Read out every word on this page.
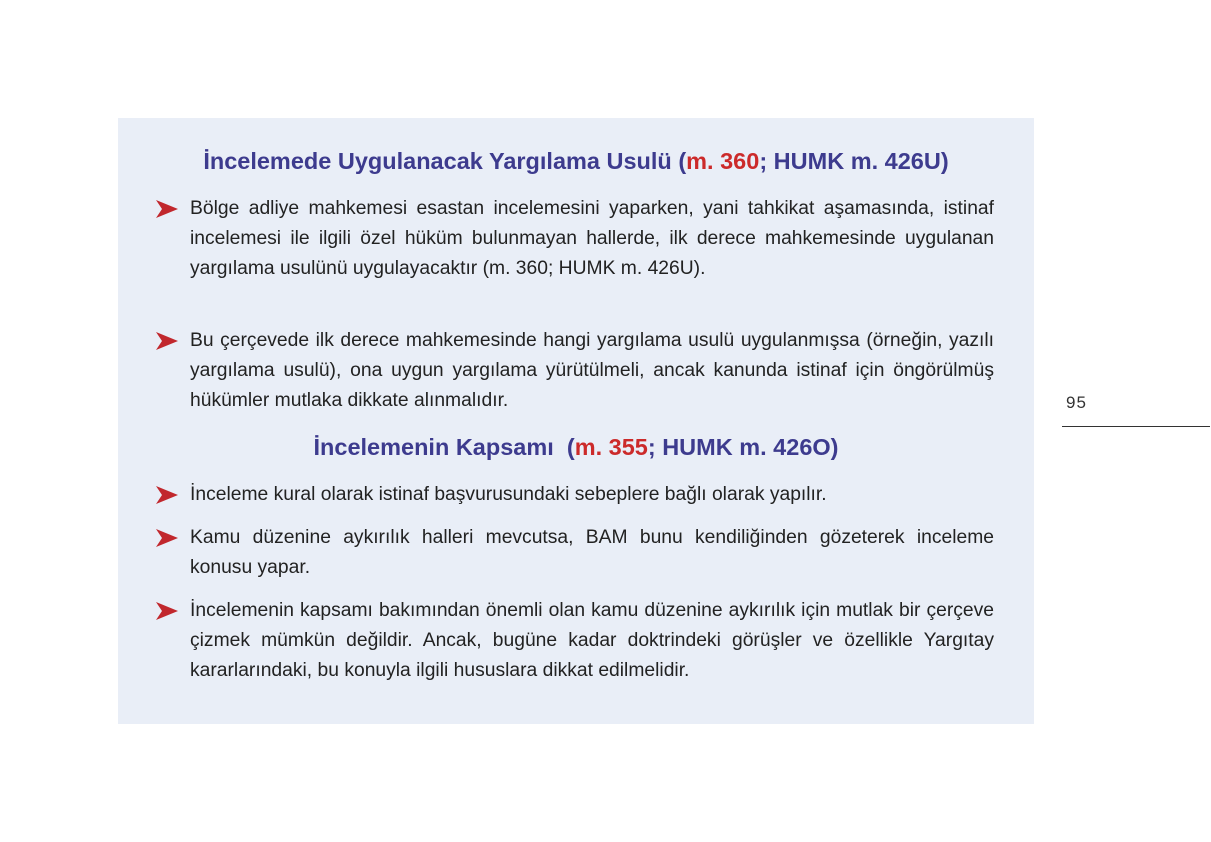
İncelemede Uygulanacak Yargılama Usulü (m. 360; HUMK m. 426U)
Bölge adliye mahkemesi esastan incelemesini yaparken, yani tahkikat aşamasında, istinaf incelemesi ile ilgili özel hüküm bulunmayan hallerde, ilk derece mahkemesinde uygulanan yargılama usulünü uygulayacaktır (m. 360; HUMK m. 426U).
Bu çerçevede ilk derece mahkemesinde hangi yargılama usulü uygulanmışsa (örneğin, yazılı yargılama usulü), ona uygun yargılama yürütülmeli, ancak kanunda istinaf için öngörülmüş hükümler mutlaka dikkate alınmalıdır.
İncelemenin Kapsamı  (m. 355; HUMK m. 426O)
İnceleme kural olarak istinaf başvurusundaki sebeplere bağlı olarak yapılır.
Kamu düzenine aykırılık halleri mevcutsa, BAM bunu kendiliğinden gözeterek inceleme konusu yapar.
İncelemenin kapsamı bakımından önemli olan kamu düzenine aykırılık için mutlak bir çerçeve çizmek mümkün değildir. Ancak, bugüne kadar doktrindeki görüşler ve özellikle Yargıtay kararlarındaki, bu konuyla ilgili hususlara dikkat edilmelidir.
95
